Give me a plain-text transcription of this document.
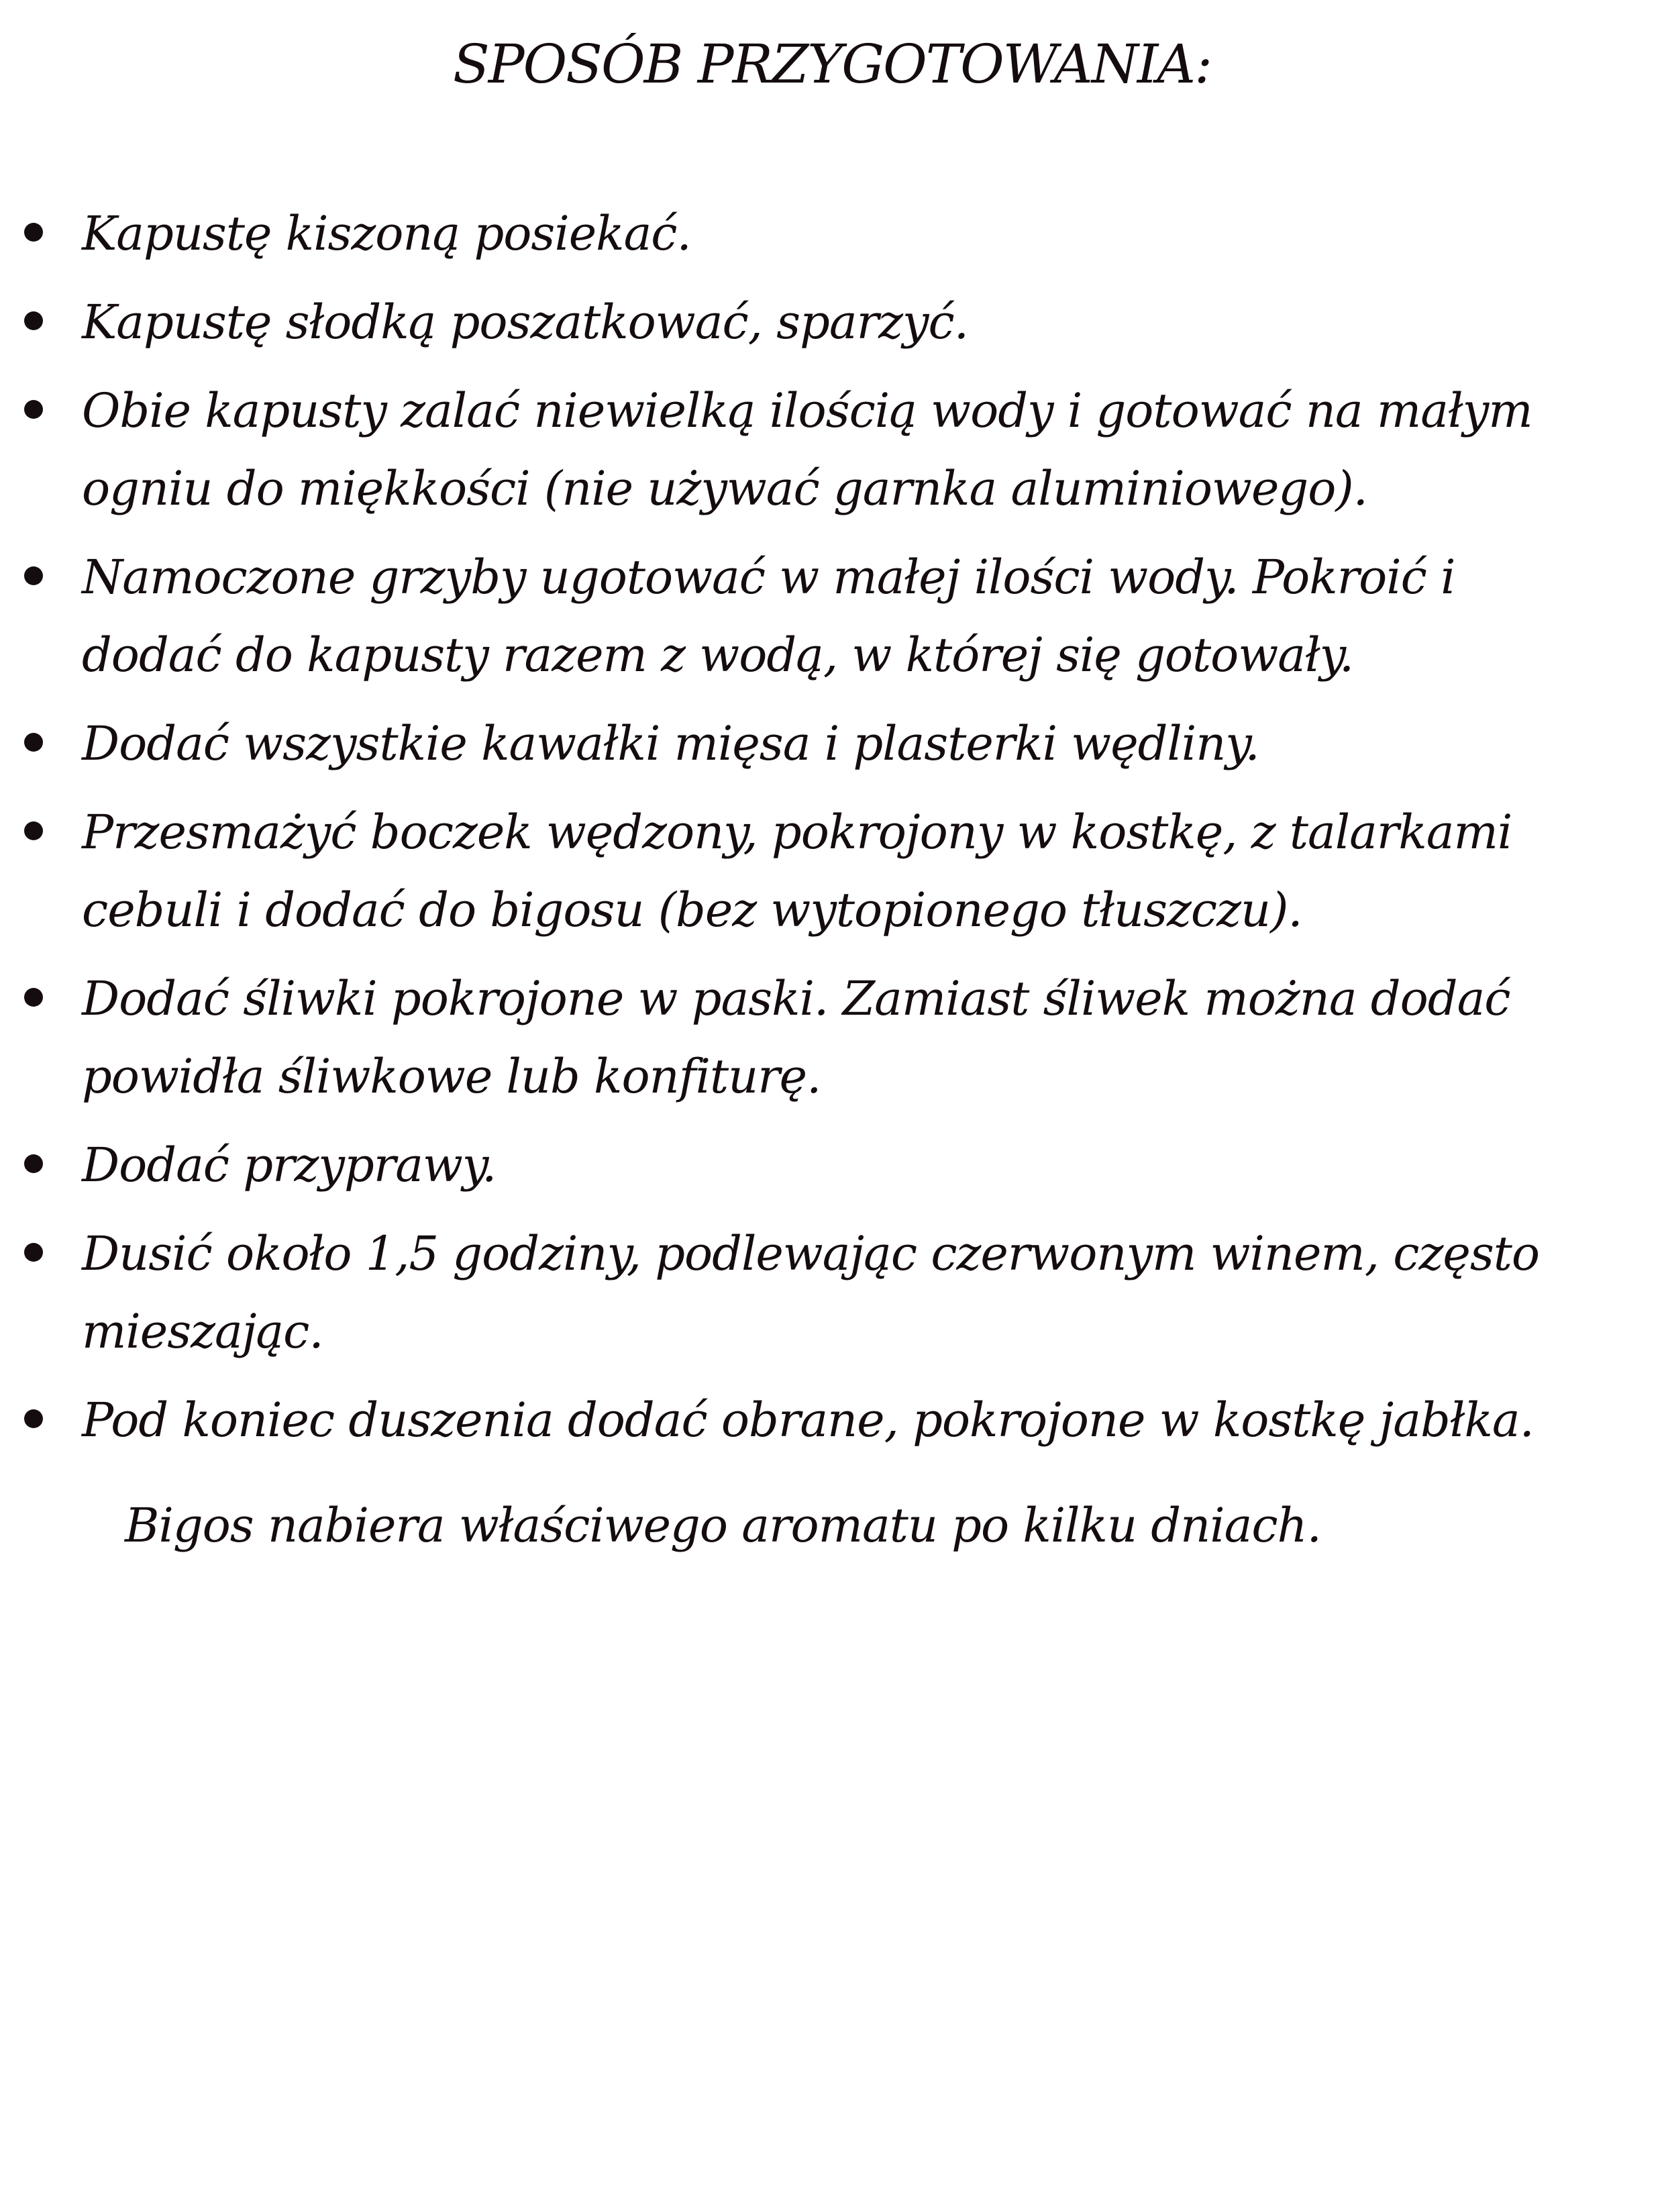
SPOSÓB PRZYGOTOWANIA:
Kapustę kiszoną posiekać.
Kapustę słodką poszatkować, sparzyć.
Obie kapusty zalać niewielką ilością wody i gotować na małym ogniu do miękkości (nie używać garnka aluminiowego).
Namoczone grzyby ugotować w małej ilości wody. Pokroić i dodać do kapusty razem z wodą, w której się gotowały.
Dodać wszystkie kawałki mięsa i plasterki wędliny.
Przesmażyć boczek wędzony, pokrojony w kostkę, z talarkami cebuli i dodać do bigosu (bez wytopionego tłuszczu).
Dodać śliwki pokrojone w paski. Zamiast śliwek można dodać powidła śliwkowe lub konfiturę.
Dodać przyprawy.
Dusić około 1,5 godziny, podlewając czerwonym winem, często mieszając.
Pod koniec duszenia dodać obrane, pokrojone w kostkę jabłka.

Bigos nabiera właściwego aromatu po kilku dniach.
